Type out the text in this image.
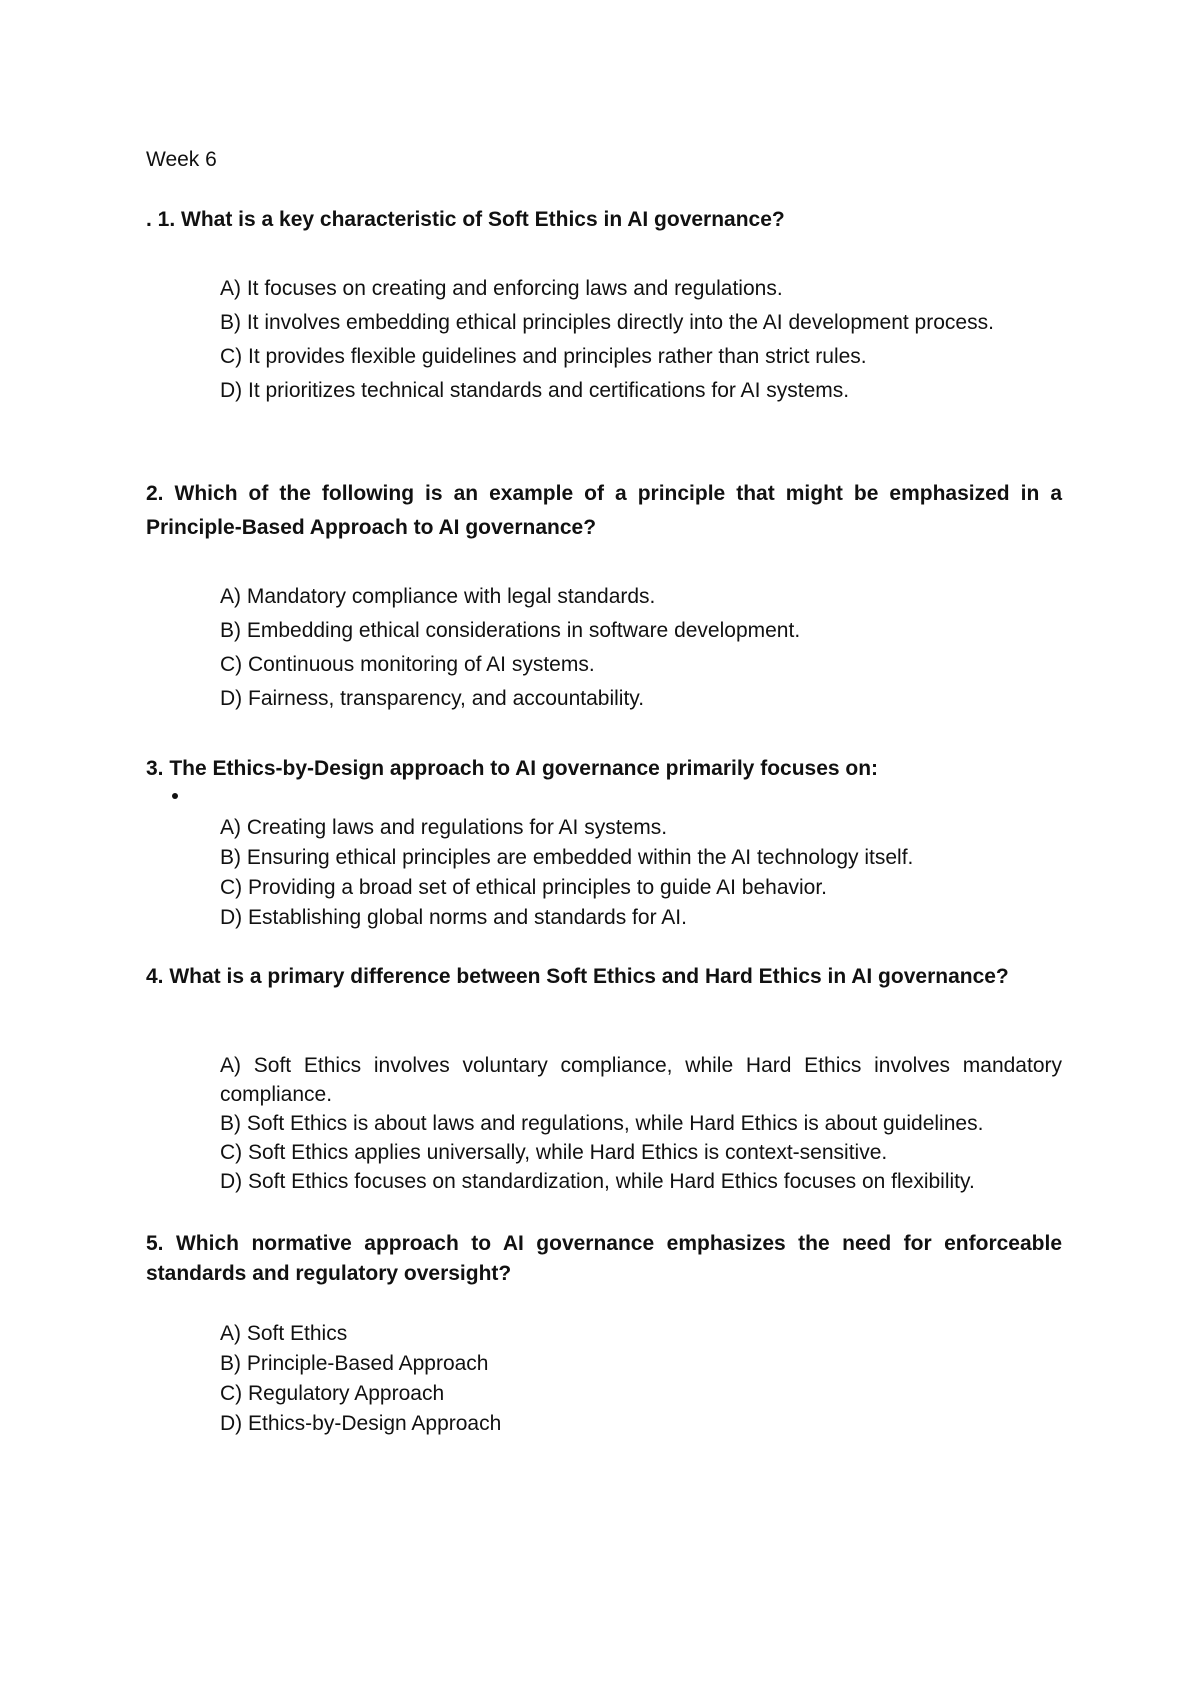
Week 6
. 1. What is a key characteristic of Soft Ethics in AI governance?

A) It focuses on creating and enforcing laws and regulations.

B) It involves embedding ethical principles directly into the AI development process.

C) It provides flexible guidelines and principles rather than strict rules.

D) It prioritizes technical standards and certifications for AI systems.

2. Which of the following is an example of a principle that might be emphasized in a Principle-Based Approach to AI governance?

A) Mandatory compliance with legal standards.

B) Embedding ethical considerations in software development.

C) Continuous monitoring of AI systems.

D) Fairness, transparency, and accountability.

3. The Ethics-by-Design approach to AI governance primarily focuses on:

A) Creating laws and regulations for AI systems.

B) Ensuring ethical principles are embedded within the AI technology itself.

C) Providing a broad set of ethical principles to guide AI behavior.

D) Establishing global norms and standards for AI.

4. What is a primary difference between Soft Ethics and Hard Ethics in AI governance?

A) Soft Ethics involves voluntary compliance, while Hard Ethics involves mandatory compliance.

B) Soft Ethics is about laws and regulations, while Hard Ethics is about guidelines.

C) Soft Ethics applies universally, while Hard Ethics is context-sensitive.

D) Soft Ethics focuses on standardization, while Hard Ethics focuses on flexibility.

5. Which normative approach to AI governance emphasizes the need for enforceable standards and regulatory oversight?

A) Soft Ethics

B) Principle-Based Approach

C) Regulatory Approach

D) Ethics-by-Design Approach
